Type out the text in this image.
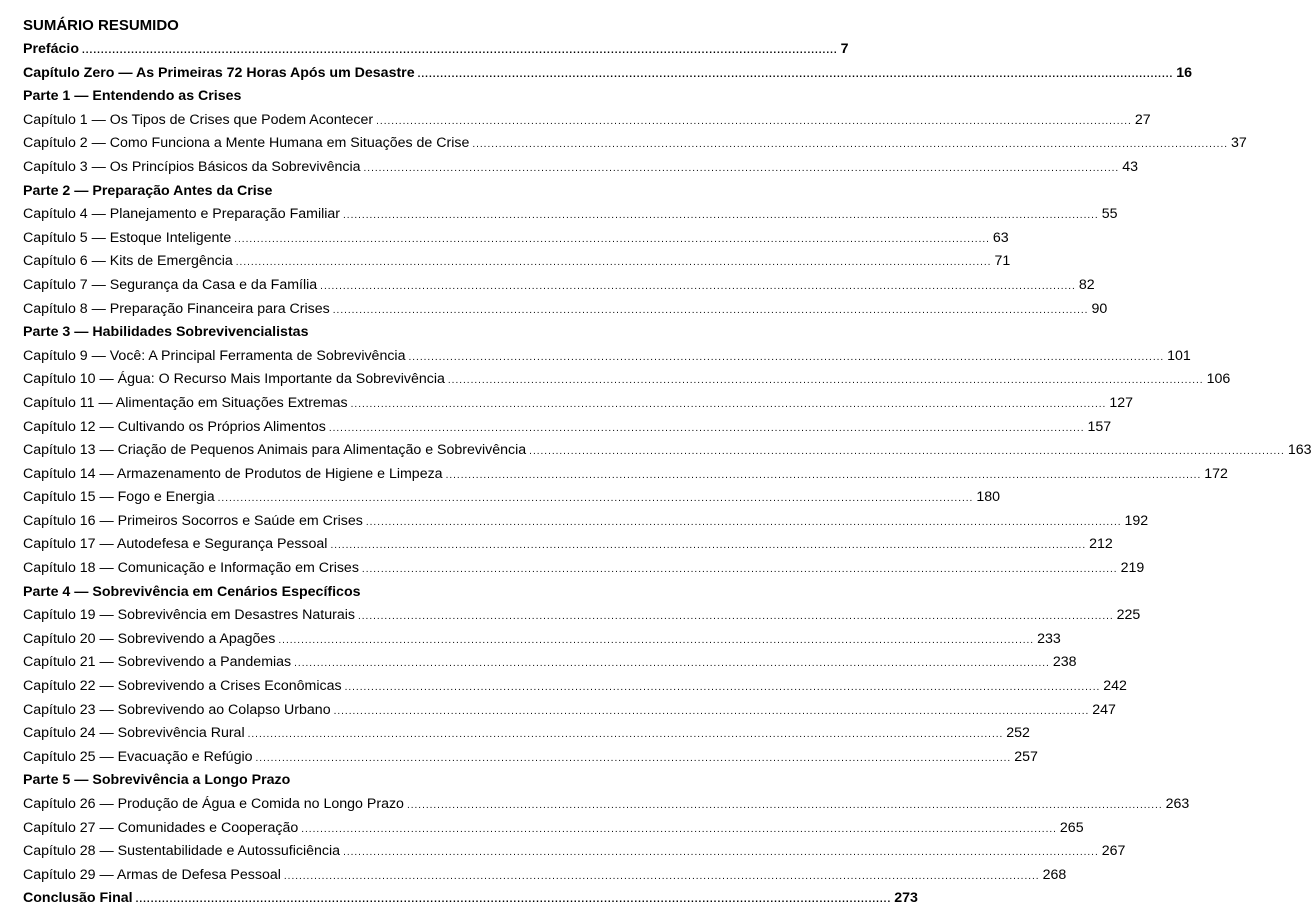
SUMÁRIO RESUMIDO
Prefácio ........................................................................................................................................................................................................ 7
Capítulo Zero — As Primeiras 72 Horas Após um Desastre ........................................................................................................................................................................................................ 16
Parte 1 — Entendendo as Crises
Capítulo 1 — Os Tipos de Crises que Podem Acontecer ........................................................................................................................................................................................................ 27
Capítulo 2 — Como Funciona a Mente Humana em Situações de Crise ........................................................................................................................................................................................................ 37
Capítulo 3 — Os Princípios Básicos da Sobrevivência ........................................................................................................................................................................................................ 43
Parte 2 — Preparação Antes da Crise
Capítulo 4 — Planejamento e Preparação Familiar ........................................................................................................................................................................................................ 55
Capítulo 5 — Estoque Inteligente ........................................................................................................................................................................................................ 63
Capítulo 6 — Kits de Emergência ........................................................................................................................................................................................................ 71
Capítulo 7 — Segurança da Casa e da Família ........................................................................................................................................................................................................ 82
Capítulo 8 — Preparação Financeira para Crises ........................................................................................................................................................................................................ 90
Parte 3 — Habilidades Sobrevivencialistas
Capítulo 9 — Você: A Principal Ferramenta de Sobrevivência ........................................................................................................................................................................................................ 101
Capítulo 10 — Água: O Recurso Mais Importante da Sobrevivência ........................................................................................................................................................................................................ 106
Capítulo 11 — Alimentação em Situações Extremas ........................................................................................................................................................................................................ 127
Capítulo 12 — Cultivando os Próprios Alimentos ........................................................................................................................................................................................................ 157
Capítulo 13 — Criação de Pequenos Animais para Alimentação e Sobrevivência ........................................................................................................................................................................................................ 163
Capítulo 14 — Armazenamento de Produtos de Higiene e Limpeza ........................................................................................................................................................................................................ 172
Capítulo 15 — Fogo e Energia ........................................................................................................................................................................................................ 180
Capítulo 16 — Primeiros Socorros e Saúde em Crises ........................................................................................................................................................................................................ 192
Capítulo 17 — Autodefesa e Segurança Pessoal ........................................................................................................................................................................................................ 212
Capítulo 18 — Comunicação e Informação em Crises ........................................................................................................................................................................................................ 219
Parte 4 — Sobrevivência em Cenários Específicos
Capítulo 19 — Sobrevivência em Desastres Naturais ........................................................................................................................................................................................................ 225
Capítulo 20 — Sobrevivendo a Apagões ........................................................................................................................................................................................................ 233
Capítulo 21 — Sobrevivendo a Pandemias ........................................................................................................................................................................................................ 238
Capítulo 22 — Sobrevivendo a Crises Econômicas ........................................................................................................................................................................................................ 242
Capítulo 23 — Sobrevivendo ao Colapso Urbano ........................................................................................................................................................................................................ 247
Capítulo 24 — Sobrevivência Rural ........................................................................................................................................................................................................ 252
Capítulo 25 — Evacuação e Refúgio ........................................................................................................................................................................................................ 257
Parte 5 — Sobrevivência a Longo Prazo
Capítulo 26 — Produção de Água e Comida no Longo Prazo ........................................................................................................................................................................................................ 263
Capítulo 27 — Comunidades e Cooperação ........................................................................................................................................................................................................ 265
Capítulo 28 — Sustentabilidade e Autossuficiência ........................................................................................................................................................................................................ 267
Capítulo 29 — Armas de Defesa Pessoal ........................................................................................................................................................................................................ 268
Conclusão Final ........................................................................................................................................................................................................ 273
